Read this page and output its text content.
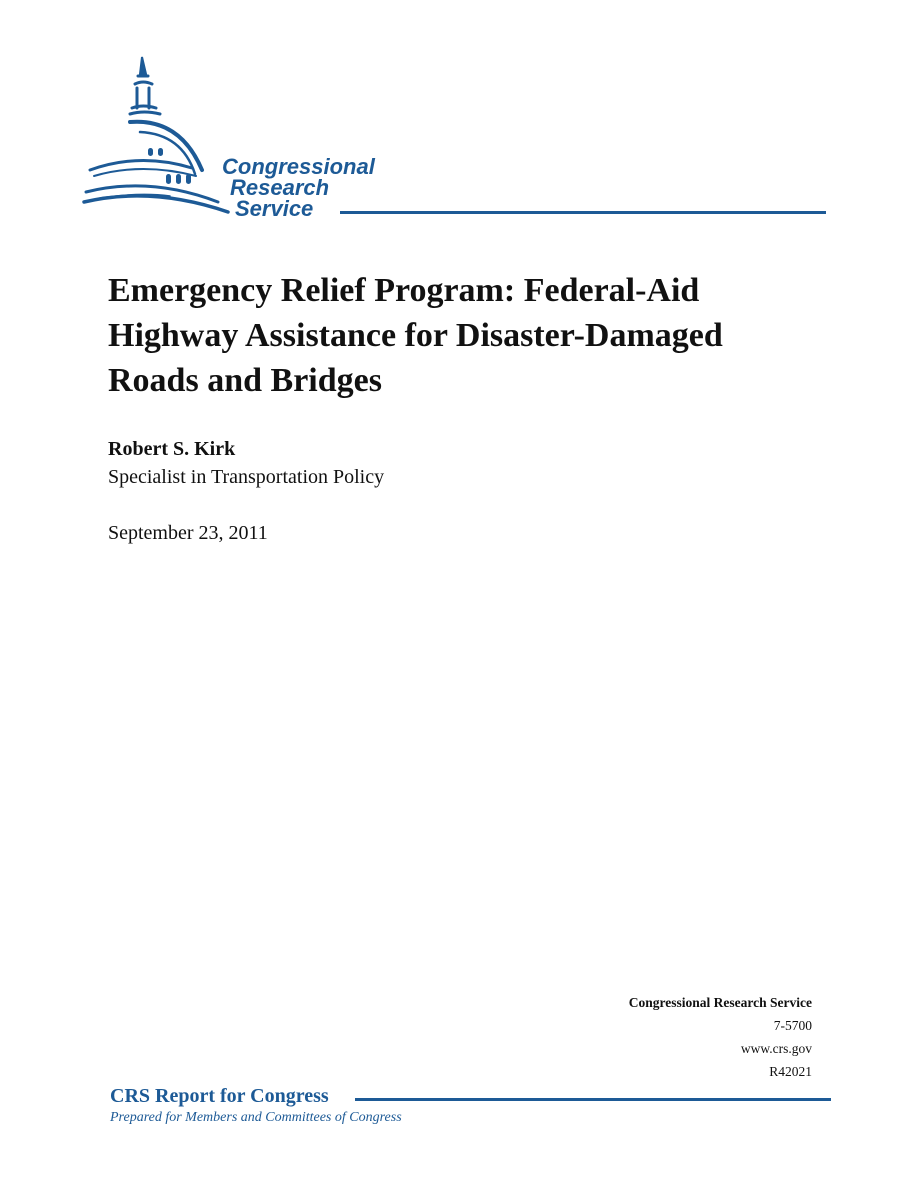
Congressional
Research
Service
Emergency Relief Program: Federal-Aid Highway Assistance for Disaster-Damaged Roads and Bridges
Robert S. Kirk
Specialist in Transportation Policy
September 23, 2011
Congressional Research Service
7-5700
www.crs.gov
R42021
CRS Report for Congress
Prepared for Members and Committees of Congress
